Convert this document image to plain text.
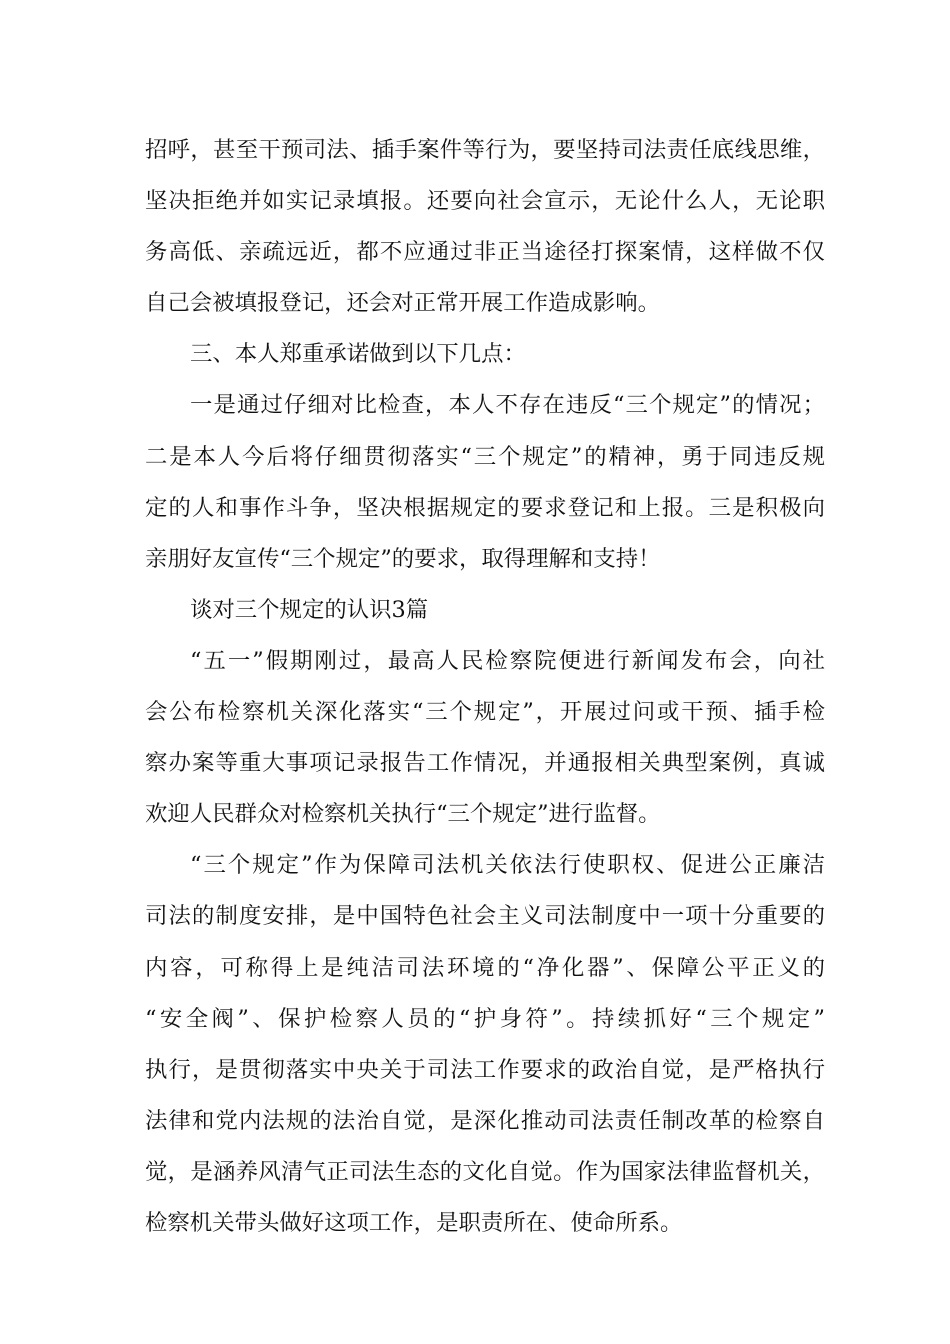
招呼，甚至干预司法、插手案件等行为，要坚持司法责任底线思维，
坚决拒绝并如实记录填报。还要向社会宣示，无论什么人，无论职
务高低、亲疏远近，都不应通过非正当途径打探案情，这样做不仅
自己会被填报登记，还会对正常开展工作造成影响。
三、本人郑重承诺做到以下几点：
一是通过仔细对比检查，本人不存在违反“三个规定”的情况；
二是本人今后将仔细贯彻落实“三个规定”的精神，勇于同违反规
定的人和事作斗争，坚决根据规定的要求登记和上报。三是积极向
亲朋好友宣传“三个规定”的要求，取得理解和支持！
谈对三个规定的认识3篇
“五一”假期刚过，最高人民检察院便进行新闻发布会，向社
会公布检察机关深化落实“三个规定”，开展过问或干预、插手检
察办案等重大事项记录报告工作情况，并通报相关典型案例，真诚
欢迎人民群众对检察机关执行“三个规定”进行监督。
“三个规定”作为保障司法机关依法行使职权、促进公正廉洁
司法的制度安排，是中国特色社会主义司法制度中一项十分重要的
内容，可称得上是纯洁司法环境的“净化器”、保障公平正义的
“安全阀”、保护检察人员的“护身符”。持续抓好“三个规定”
执行，是贯彻落实中央关于司法工作要求的政治自觉，是严格执行
法律和党内法规的法治自觉，是深化推动司法责任制改革的检察自
觉，是涵养风清气正司法生态的文化自觉。作为国家法律监督机关，
检察机关带头做好这项工作，是职责所在、使命所系。
